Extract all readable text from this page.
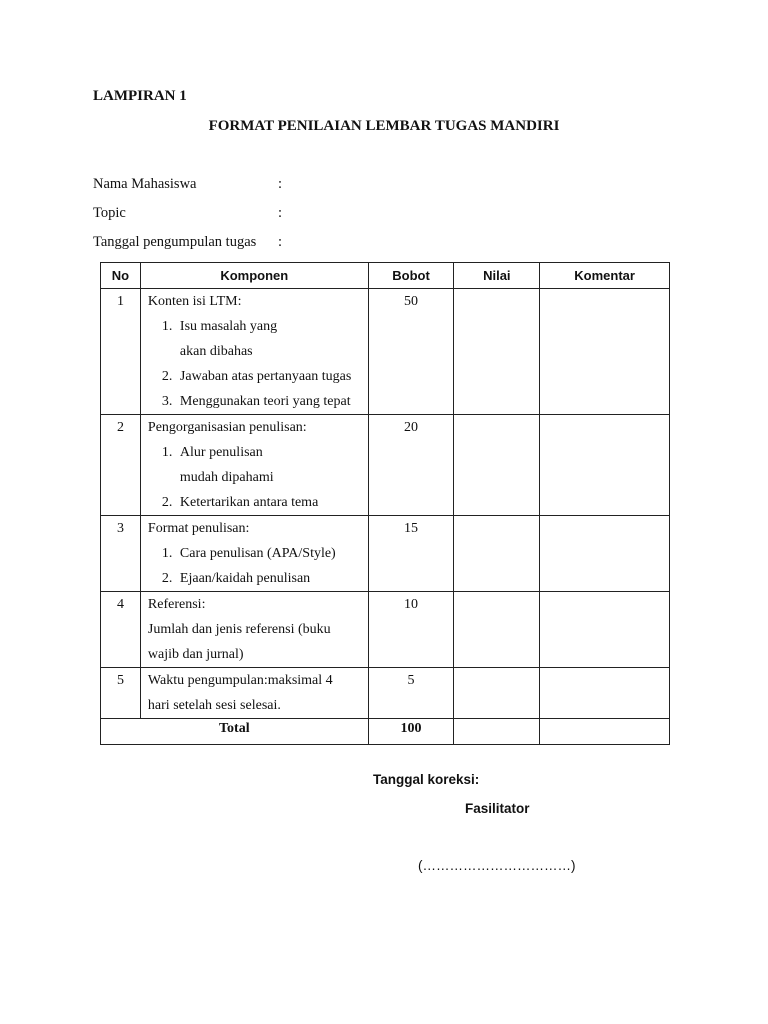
LAMPIRAN 1
FORMAT PENILAIAN LEMBAR TUGAS MANDIRI
Nama Mahasiswa	:
Topic	:
Tanggal pengumpulan tugas :
No	Komponen	Bobot	Nilai	Komentar

1	Konten isi LTM:
1. Isu masalah yang
akan dibahas
2. Jawaban atas pertanyaan tugas
3. Menggunakan teori yang tepat	50		

2	Pengorganisasian penulisan:
1. Alur penulisan
mudah dipahami
2. Ketertarikan antara tema	20		

3	Format penulisan:
1. Cara penulisan (APA/Style)
2. Ejaan/kaidah penulisan	15		

4	Referensi:
Jumlah dan jenis referensi (buku
wajib dan jurnal)	10		

5	Waktu pengumpulan:maksimal 4
hari setelah sesi selesai.	5		

Total		100		
Tanggal koreksi:
Fasilitator
(……………………………)
